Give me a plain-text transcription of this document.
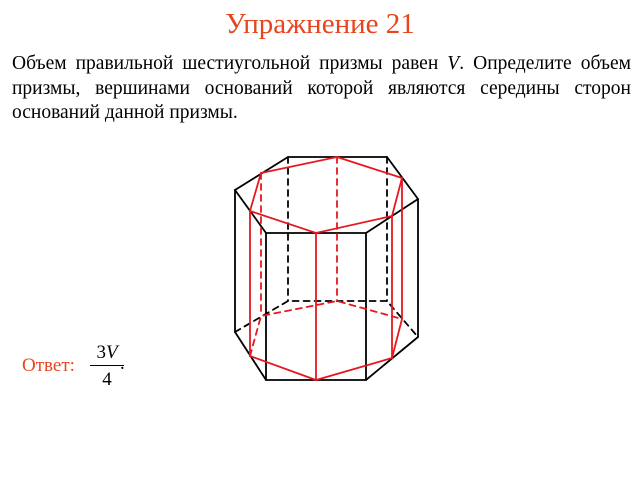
Упражнение 21
Объем правильной шестиугольной призмы равен V. Определите объем призмы, вершинами оснований которой являются середины сторон оснований данной призмы.
Ответ:
3V
4
.
